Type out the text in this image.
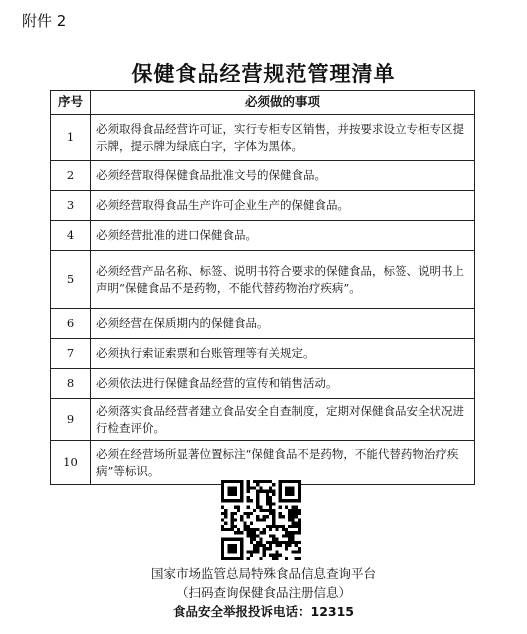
附件 2
保健食品经营规范管理清单
序号	必须做的事项
1	必须取得食品经营许可证，实行专柜专区销售，并按要求设立专柜专区提示牌，提示牌为绿底白字，字体为黑体。
2	必须经营取得保健食品批准文号的保健食品。
3	必须经营取得食品生产许可企业生产的保健食品。
4	必须经营批准的进口保健食品。
5	必须经营产品名称、标签、说明书符合要求的保健食品，标签、说明书上声明“保健食品不是药物，不能代替药物治疗疾病”。
6	必须经营在保质期内的保健食品。
7	必须执行索证索票和台账管理等有关规定。
8	必须依法进行保健食品经营的宣传和销售活动。
9	必须落实食品经营者建立食品安全自查制度，定期对保健食品安全状况进行检查评价。
10	必须在经营场所显著位置标注“保健食品不是药物，不能代替药物治疗疾病”等标识。
国家市场监管总局特殊食品信息查询平台
（扫码查询保健食品注册信息）
食品安全举报投诉电话：12315
